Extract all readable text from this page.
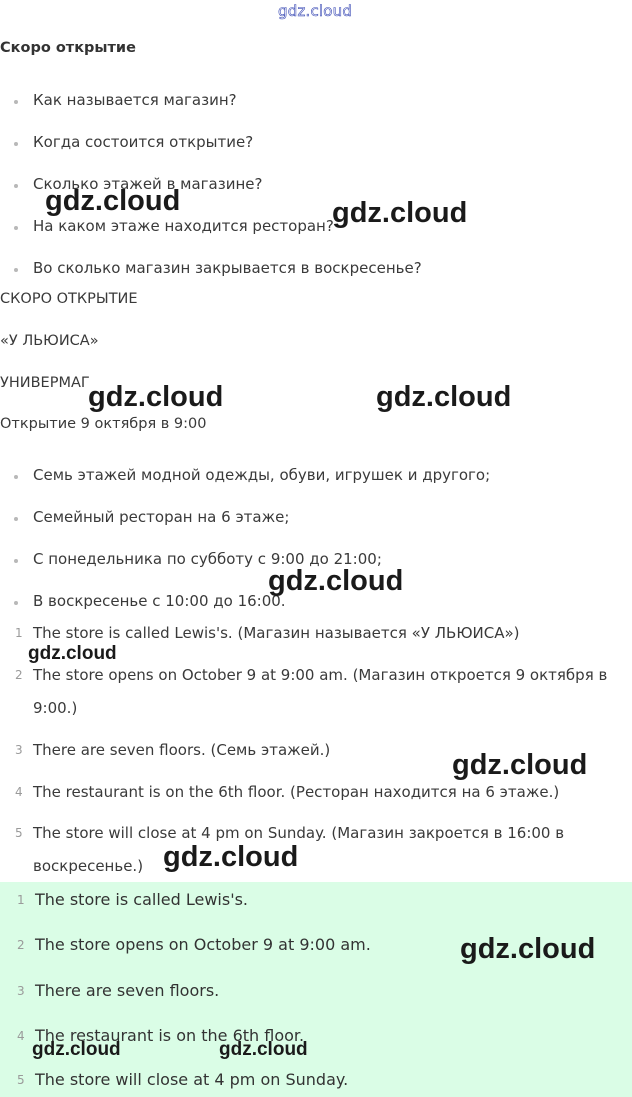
gdz.cloud
Скоро открытие
Как называется магазин?
Когда состоится открытие?
Сколько этажей в магазине?
На каком этаже находится ресторан?
Во сколько магазин закрывается в воскресенье?
СКОРО ОТКРЫТИЕ
«У ЛЬЮИСА»
УНИВЕРМАГ
Открытие 9 октября в 9:00
Семь этажей модной одежды, обуви, игрушек и другого;
Семейный ресторан на 6 этаже;
С понедельника по субботу с 9:00 до 21:00;
В воскресенье с 10:00 до 16:00.
1 The store is called Lewis's. (Магазин называется «У ЛЬЮИСА»)
2 The store opens on October 9 at 9:00 am. (Магазин откроется 9 октября в
9:00.)
3 There are seven floors. (Семь этажей.)
4 The restaurant is on the 6th floor. (Ресторан находится на 6 этаже.)
5 The store will close at 4 pm on Sunday. (Магазин закроется в 16:00 в
воскресенье.)
1 The store is called Lewis's.
2 The store opens on October 9 at 9:00 am.
3 There are seven floors.
4 The restaurant is on the 6th floor.
5 The store will close at 4 pm on Sunday.
gdz.cloud	gdz.cloud
gdz.cloud	gdz.cloud
gdz.cloud
gdz.cloud
gdz.cloud
gdz.cloud
gdz.cloud
gdz.cloud	gdz.cloud
